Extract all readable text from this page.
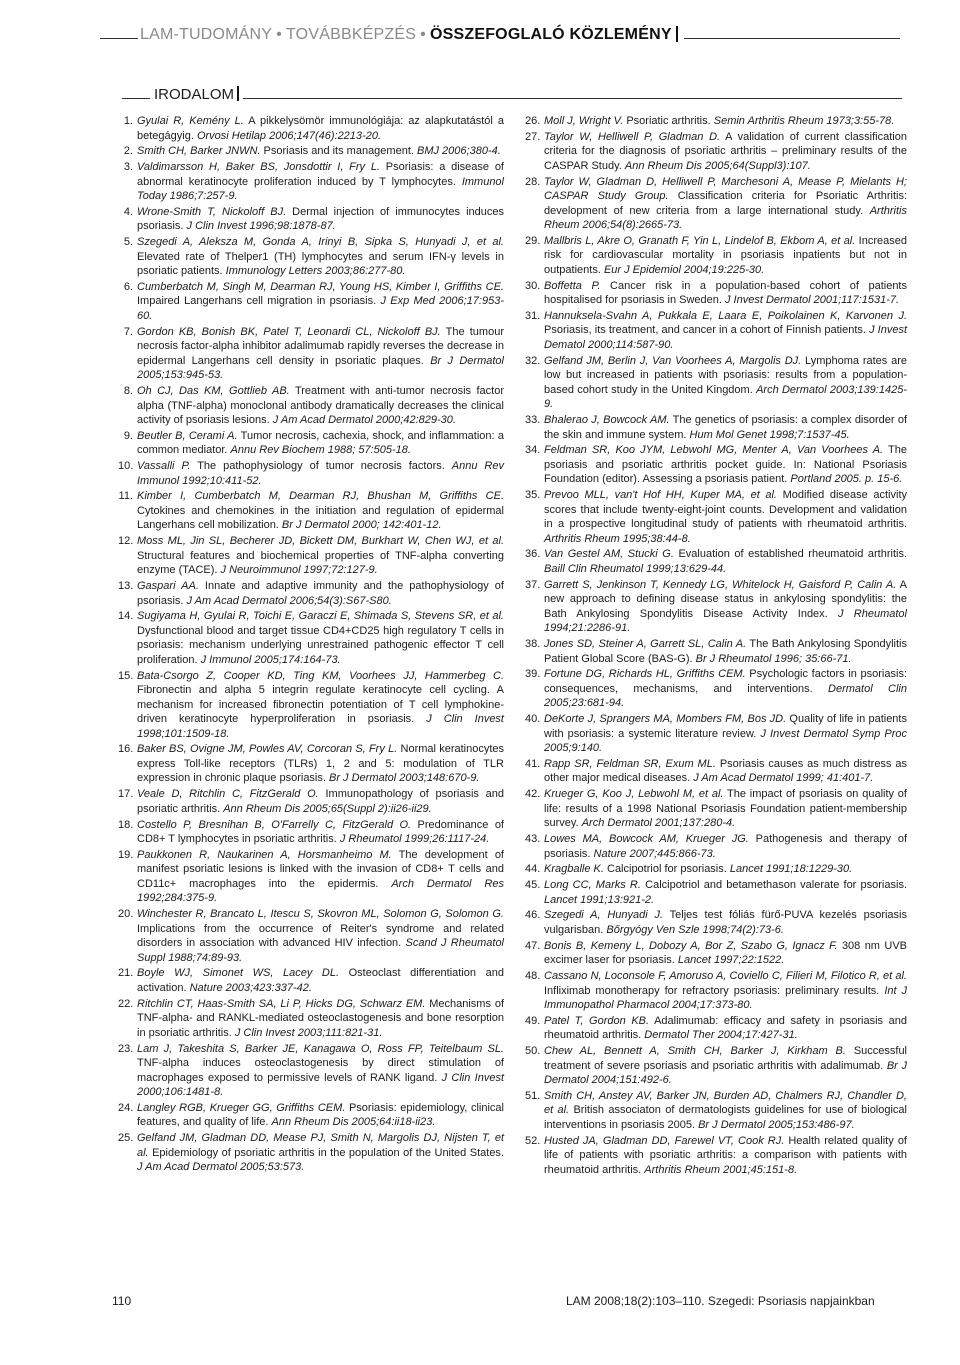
LAM-TUDOMÁNY • TOVÁBBKÉPZÉS • ÖSSZEFOGLALÓ KÖZLEMÉNY
IRODALOM
1. Gyulai R, Kemény L. A pikkelysömör immunológiája: az alapkutatástól a betegágyig. Orvosi Hetilap 2006;147(46):2213-20.
2. Smith CH, Barker JNWN. Psoriasis and its management. BMJ 2006;380-4.
3. Valdimarsson H, Baker BS, Jonsdottir I, Fry L. Psoriasis: a disease of abnormal keratinocyte proliferation induced by T lymphocytes. Immunol Today 1986;7:257-9.
4. Wrone-Smith T, Nickoloff BJ. Dermal injection of immunocytes induces psoriasis. J Clin Invest 1996;98:1878-87.
5. Szegedi A, Aleksza M, Gonda A, Irinyi B, Sipka S, Hunyadi J, et al. Elevated rate of Thelper1 (TH) lymphocytes and serum IFN-γ levels in psoriatic patients. Immunology Letters 2003;86:277-80.
6. Cumberbatch M, Singh M, Dearman RJ, Young HS, Kimber I, Griffiths CE. Impaired Langerhans cell migration in psoriasis. J Exp Med 2006;17:953-60.
7. Gordon KB, Bonish BK, Patel T, Leonardi CL, Nickoloff BJ. The tumour necrosis factor-alpha inhibitor adalimumab rapidly reverses the decrease in epidermal Langerhans cell density in psoriatic plaques. Br J Dermatol 2005;153:945-53.
8. Oh CJ, Das KM, Gottlieb AB. Treatment with anti-tumor necrosis factor alpha (TNF-alpha) monoclonal antibody dramatically decreases the clinical activity of psoriasis lesions. J Am Acad Dermatol 2000;42:829-30.
9. Beutler B, Cerami A. Tumor necrosis, cachexia, shock, and inflammation: a common mediator. Annu Rev Biochem 1988; 57:505-18.
10. Vassalli P. The pathophysiology of tumor necrosis factors. Annu Rev Immunol 1992;10:411-52.
11. Kimber I, Cumberbatch M, Dearman RJ, Bhushan M, Griffiths CE. Cytokines and chemokines in the initiation and regulation of epidermal Langerhans cell mobilization. Br J Dermatol 2000; 142:401-12.
12. Moss ML, Jin SL, Becherer JD, Bickett DM, Burkhart W, Chen WJ, et al. Structural features and biochemical properties of TNF-alpha converting enzyme (TACE). J Neuroimmunol 1997;72:127-9.
13. Gaspari AA. Innate and adaptive immunity and the pathophysiology of psoriasis. J Am Acad Dermatol 2006;54(3):S67-S80.
14. Sugiyama H, Gyulai R, Toichi E, Garaczi E, Shimada S, Stevens SR, et al. Dysfunctional blood and target tissue CD4+CD25 high regulatory T cells in psoriasis: mechanism underlying unrestrained pathogenic effector T cell proliferation. J Immunol 2005;174:164-73.
15. Bata-Csorgo Z, Cooper KD, Ting KM, Voorhees JJ, Hammerbeg C. Fibronectin and alpha 5 integrin regulate keratinocyte cell cycling. A mechanism for increased fibronectin potentiation of T cell lymphokine-driven keratinocyte hyperproliferation in psoriasis. J Clin Invest 1998;101:1509-18.
16. Baker BS, Ovigne JM, Powles AV, Corcoran S, Fry L. Normal keratinocytes express Toll-like receptors (TLRs) 1, 2 and 5: modulation of TLR expression in chronic plaque psoriasis. Br J Dermatol 2003;148:670-9.
17. Veale D, Ritchlin C, FitzGerald O. Immunopathology of psoriasis and psoriatic arthritis. Ann Rheum Dis 2005;65(Suppl 2):ii26-ii29.
18. Costello P, Bresnihan B, O'Farrelly C, FitzGerald O. Predominance of CD8+ T lymphocytes in psoriatic arthritis. J Rheumatol 1999;26:1117-24.
19. Paukkonen R, Naukarinen A, Horsmanheimo M. The development of manifest psoriatic lesions is linked with the invasion of CD8+ T cells and CD11c+ macrophages into the epidermis. Arch Dermatol Res 1992;284:375-9.
20. Winchester R, Brancato L, Itescu S, Skovron ML, Solomon G, Solomon G. Implications from the occurrence of Reiter's syndrome and related disorders in association with advanced HIV infection. Scand J Rheumatol Suppl 1988;74:89-93.
21. Boyle WJ, Simonet WS, Lacey DL. Osteoclast differentiation and activation. Nature 2003;423:337-42.
22. Ritchlin CT, Haas-Smith SA, Li P, Hicks DG, Schwarz EM. Mechanisms of TNF-alpha- and RANKL-mediated osteoclastogenesis and bone resorption in psoriatic arthritis. J Clin Invest 2003;111:821-31.
23. Lam J, Takeshita S, Barker JE, Kanagawa O, Ross FP, Teitelbaum SL. TNF-alpha induces osteoclastogenesis by direct stimulation of macrophages exposed to permissive levels of RANK ligand. J Clin Invest 2000;106:1481-8.
24. Langley RGB, Krueger GG, Griffiths CEM. Psoriasis: epidemiology, clinical features, and quality of life. Ann Rheum Dis 2005;64:ii18-ii23.
25. Gelfand JM, Gladman DD, Mease PJ, Smith N, Margolis DJ, Nijsten T, et al. Epidemiology of psoriatic arthritis in the population of the United States. J Am Acad Dermatol 2005;53:573.
26. Moll J, Wright V. Psoriatic arthritis. Semin Arthritis Rheum 1973;3:55-78.
27. Taylor W, Helliwell P, Gladman D. A validation of current classification criteria for the diagnosis of psoriatic arthritis – preliminary results of the CASPAR Study. Ann Rheum Dis 2005;64(Suppl3):107.
28. Taylor W, Gladman D, Helliwell P, Marchesoni A, Mease P, Mielants H; CASPAR Study Group. Classification criteria for Psoriatic Arthritis: development of new criteria from a large international study. Arthritis Rheum 2006;54(8):2665-73.
29. Mallbris L, Akre O, Granath F, Yin L, Lindelof B, Ekbom A, et al. Increased risk for cardiovascular mortality in psoriasis inpatients but not in outpatients. Eur J Epidemiol 2004;19:225-30.
30. Boffetta P. Cancer risk in a population-based cohort of patients hospitalised for psoriasis in Sweden. J Invest Dermatol 2001;117:1531-7.
31. Hannuksela-Svahn A, Pukkala E, Laara E, Poikolainen K, Karvonen J. Psoriasis, its treatment, and cancer in a cohort of Finnish patients. J Invest Dematol 2000;114:587-90.
32. Gelfand JM, Berlin J, Van Voorhees A, Margolis DJ. Lymphoma rates are low but increased in patients with psoriasis: results from a population-based cohort study in the United Kingdom. Arch Dermatol 2003;139:1425-9.
33. Bhalerao J, Bowcock AM. The genetics of psoriasis: a complex disorder of the skin and immune system. Hum Mol Genet 1998;7:1537-45.
34. Feldman SR, Koo JYM, Lebwohl MG, Menter A, Van Voorhees A. The psoriasis and psoriatic arthritis pocket guide. In: National Psoriasis Foundation (editor). Assessing a psoriasis patient. Portland 2005. p. 15-6.
35. Prevoo MLL, van't Hof HH, Kuper MA, et al. Modified disease activity scores that include twenty-eight-joint counts. Development and validation in a prospective longitudinal study of patients with rheumatoid arthritis. Arthritis Rheum 1995;38:44-8.
36. Van Gestel AM, Stucki G. Evaluation of established rheumatoid arthritis. Baill Clin Rheumatol 1999;13:629-44.
37. Garrett S, Jenkinson T, Kennedy LG, Whitelock H, Gaisford P, Calin A. A new approach to defining disease status in ankylosing spondylitis: the Bath Ankylosing Spondylitis Disease Activity Index. J Rheumatol 1994;21:2286-91.
38. Jones SD, Steiner A, Garrett SL, Calin A. The Bath Ankylosing Spondylitis Patient Global Score (BAS-G). Br J Rheumatol 1996; 35:66-71.
39. Fortune DG, Richards HL, Griffiths CEM. Psychologic factors in psoriasis: consequences, mechanisms, and interventions. Dermatol Clin 2005;23:681-94.
40. DeKorte J, Sprangers MA, Mombers FM, Bos JD. Quality of life in patients with psoriasis: a systemic literature review. J Invest Dermatol Symp Proc 2005;9:140.
41. Rapp SR, Feldman SR, Exum ML. Psoriasis causes as much distress as other major medical diseases. J Am Acad Dermatol 1999; 41:401-7.
42. Krueger G, Koo J, Lebwohl M, et al. The impact of psoriasis on quality of life: results of a 1998 National Psoriasis Foundation patient-membership survey. Arch Dermatol 2001;137:280-4.
43. Lowes MA, Bowcock AM, Krueger JG. Pathogenesis and therapy of psoriasis. Nature 2007;445:866-73.
44. Kragballe K. Calcipotriol for psoriasis. Lancet 1991;18:1229-30.
45. Long CC, Marks R. Calcipotriol and betamethason valerate for psoriasis. Lancet 1991;13:921-2.
46. Szegedi A, Hunyadi J. Teljes test fóliás fürő-PUVA kezelés psoriasis vulgarisban. Bőrgyógy Ven Szle 1998;74(2):73-6.
47. Bonis B, Kemeny L, Dobozy A, Bor Z, Szabo G, Ignacz F. 308 nm UVB excimer laser for psoriasis. Lancet 1997;22:1522.
48. Cassano N, Loconsole F, Amoruso A, Coviello C, Filieri M, Filotico R, et al. Infliximab monotherapy for refractory psoriasis: preliminary results. Int J Immunopathol Pharmacol 2004;17:373-80.
49. Patel T, Gordon KB. Adalimumab: efficacy and safety in psoriasis and rheumatoid arthritis. Dermatol Ther 2004;17:427-31.
50. Chew AL, Bennett A, Smith CH, Barker J, Kirkham B. Successful treatment of severe psoriasis and psoriatic arthritis with adalimumab. Br J Dermatol 2004;151:492-6.
51. Smith CH, Anstey AV, Barker JN, Burden AD, Chalmers RJ, Chandler D, et al. British associaton of dermatologists guidelines for use of biological interventions in psoriasis 2005. Br J Dermatol 2005;153:486-97.
52. Husted JA, Gladman DD, Farewel VT, Cook RJ. Health related quality of life of patients with psoriatic arthritis: a comparison with patients with rheumatoid arthritis. Arthritis Rheum 2001;45:151-8.
110	LAM 2008;18(2):103–110. Szegedi: Psoriasis napjainkban
